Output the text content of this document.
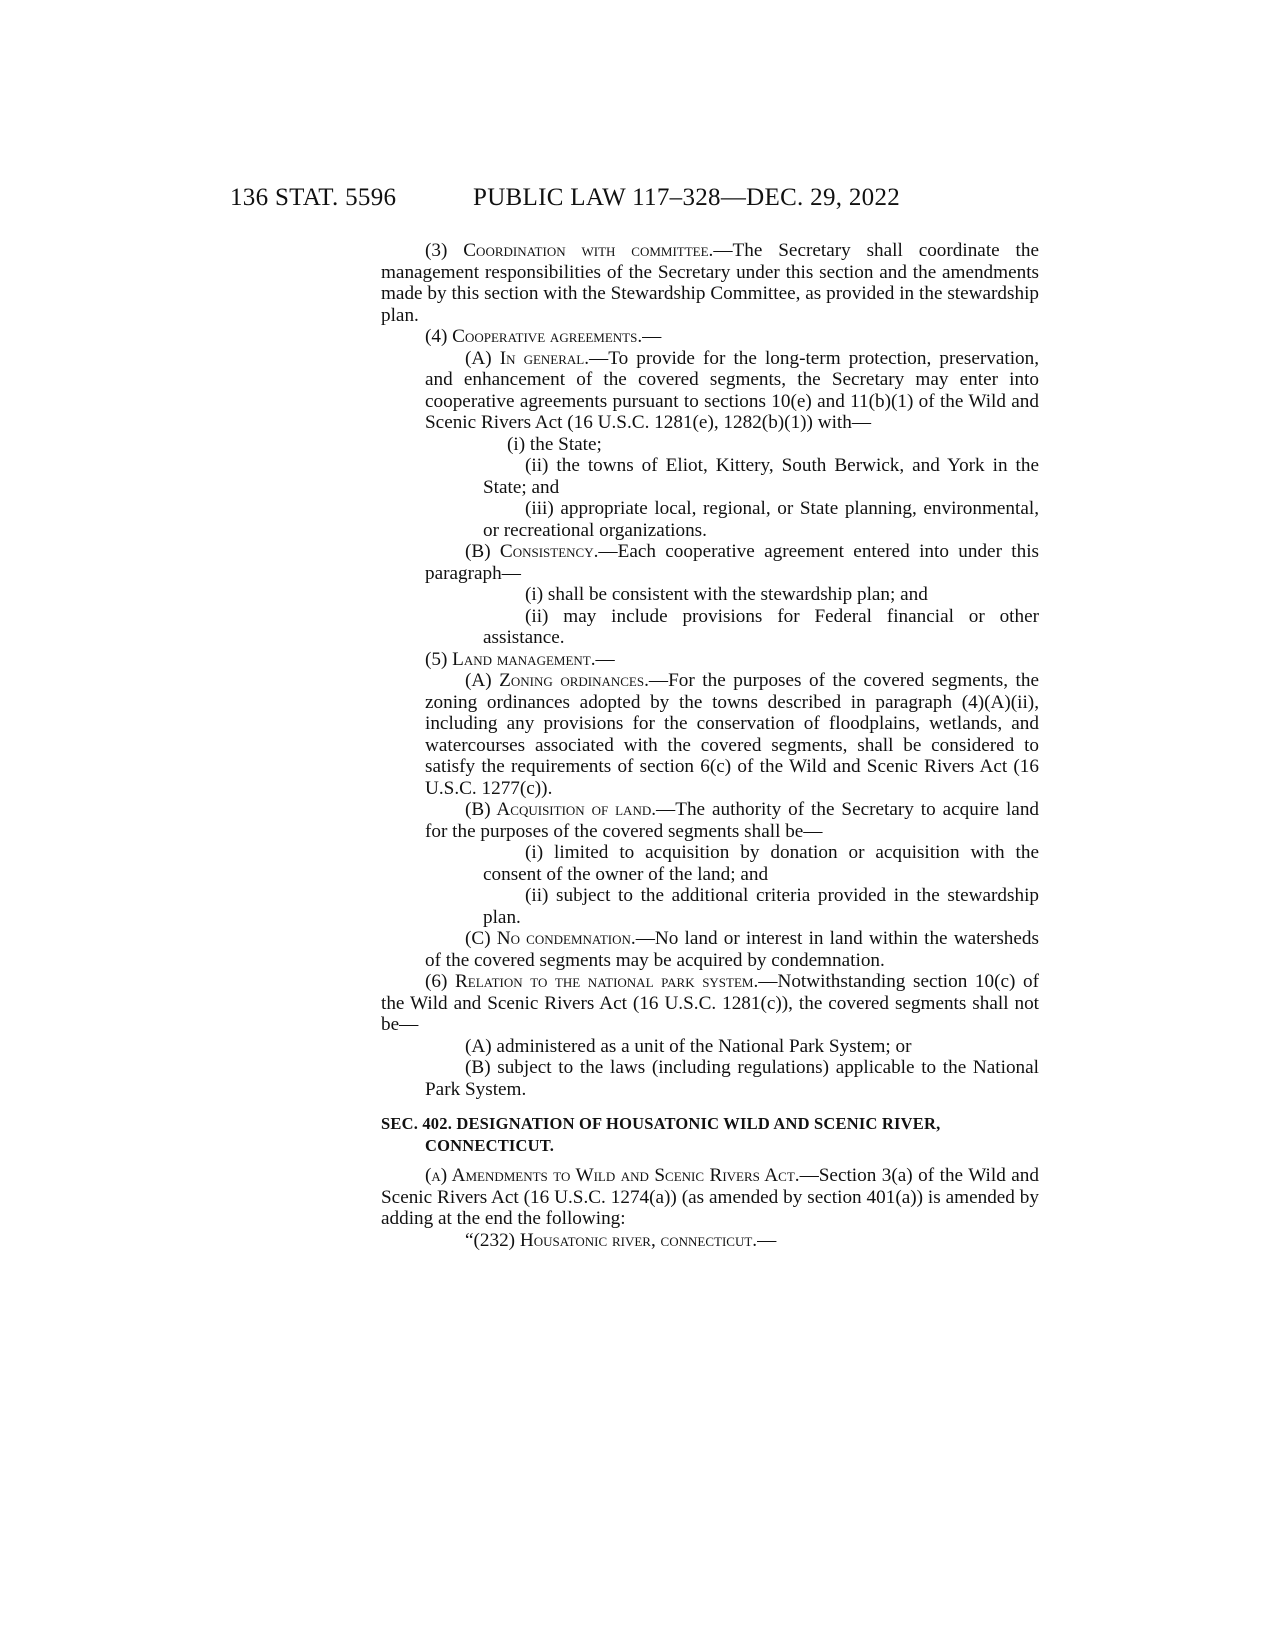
136 STAT. 5596	PUBLIC LAW 117–328—DEC. 29, 2022

(3) Coordination with committee.—The Secretary shall coordinate the management responsibilities of the Secretary under this section and the amendments made by this section with the Stewardship Committee, as provided in the stewardship plan.

(4) Cooperative agreements.—

(A) In general.—To provide for the long-term protection, preservation, and enhancement of the covered segments, the Secretary may enter into cooperative agreements pursuant to sections 10(e) and 11(b)(1) of the Wild and Scenic Rivers Act (16 U.S.C. 1281(e), 1282(b)(1)) with—

(i) the State;

(ii) the towns of Eliot, Kittery, South Berwick, and York in the State; and

(iii) appropriate local, regional, or State planning, environmental, or recreational organizations.

(B) Consistency.—Each cooperative agreement entered into under this paragraph—

(i) shall be consistent with the stewardship plan; and

(ii) may include provisions for Federal financial or other assistance.

(5) Land management.—

(A) Zoning ordinances.—For the purposes of the covered segments, the zoning ordinances adopted by the towns described in paragraph (4)(A)(ii), including any provisions for the conservation of floodplains, wetlands, and watercourses associated with the covered segments, shall be considered to satisfy the requirements of section 6(c) of the Wild and Scenic Rivers Act (16 U.S.C. 1277(c)).

(B) Acquisition of land.—The authority of the Secretary to acquire land for the purposes of the covered segments shall be—

(i) limited to acquisition by donation or acquisition with the consent of the owner of the land; and

(ii) subject to the additional criteria provided in the stewardship plan.

(C) No condemnation.—No land or interest in land within the watersheds of the covered segments may be acquired by condemnation.

(6) Relation to the national park system.—Notwithstanding section 10(c) of the Wild and Scenic Rivers Act (16 U.S.C. 1281(c)), the covered segments shall not be—

(A) administered as a unit of the National Park System; or

(B) subject to the laws (including regulations) applicable to the National Park System.

SEC. 402. DESIGNATION OF HOUSATONIC WILD AND SCENIC RIVER, CONNECTICUT.

(a) Amendments to Wild and Scenic Rivers Act.—Section 3(a) of the Wild and Scenic Rivers Act (16 U.S.C. 1274(a)) (as amended by section 401(a)) is amended by adding at the end the following:

“(232) Housatonic river, connecticut.—
